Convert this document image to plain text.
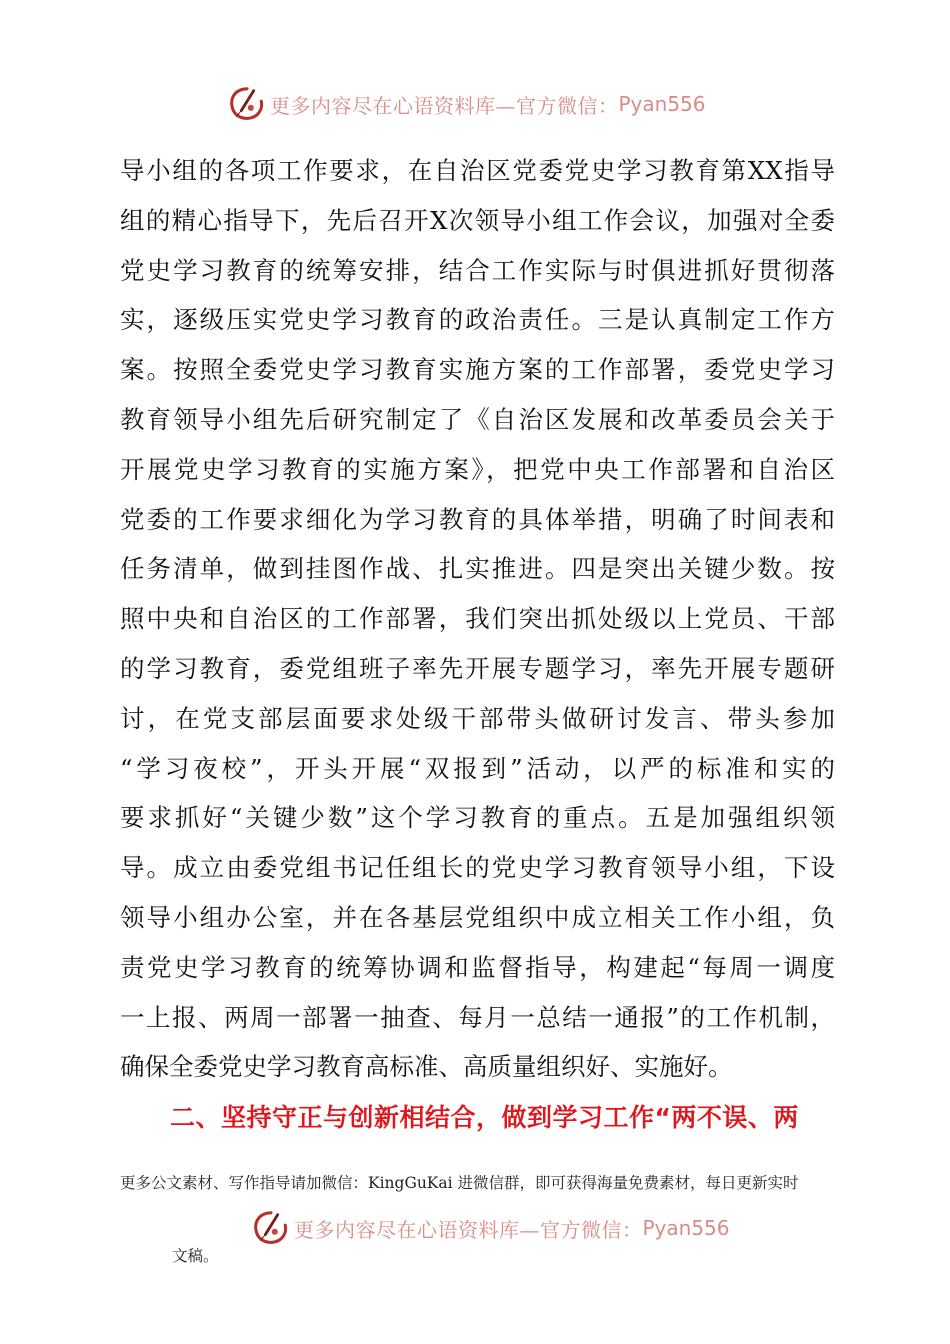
更多内容尽在心语资料库—官方微信： Pyan556
导小组的各项工作要求，在自治区党委党史学习教育第XX指导
组的精心指导下，先后召开X次领导小组工作会议，加强对全委
党史学习教育的统筹安排，结合工作实际与时俱进抓好贯彻落
实，逐级压实党史学习教育的政治责任。三是认真制定工作方
案。按照全委党史学习教育实施方案的工作部署，委党史学习
教育领导小组先后研究制定了《自治区发展和改革委员会关于
开展党史学习教育的实施方案》，把党中央工作部署和自治区
党委的工作要求细化为学习教育的具体举措，明确了时间表和
任务清单，做到挂图作战、扎实推进。四是突出关键少数。按
照中央和自治区的工作部署，我们突出抓处级以上党员、干部
的学习教育，委党组班子率先开展专题学习，率先开展专题研
讨，在党支部层面要求处级干部带头做研讨发言、带头参加
“学习夜校”，开头开展“双报到”活动，以严的标准和实的
要求抓好“关键少数”这个学习教育的重点。五是加强组织领
导。成立由委党组书记任组长的党史学习教育领导小组，下设
领导小组办公室，并在各基层党组织中成立相关工作小组，负
责党史学习教育的统筹协调和监督指导，构建起“每周一调度
一上报、两周一部署一抽查、每月一总结一通报”的工作机制，
确保全委党史学习教育高标准、高质量组织好、实施好。
二、坚持守正与创新相结合，做到学习工作“两不误、两
更多公文素材、写作指导请加微信：KingGuKai 进微信群，即可获得海量免费素材，每日更新实时
更多内容尽在心语资料库—官方微信： Pyan556
文稿。
